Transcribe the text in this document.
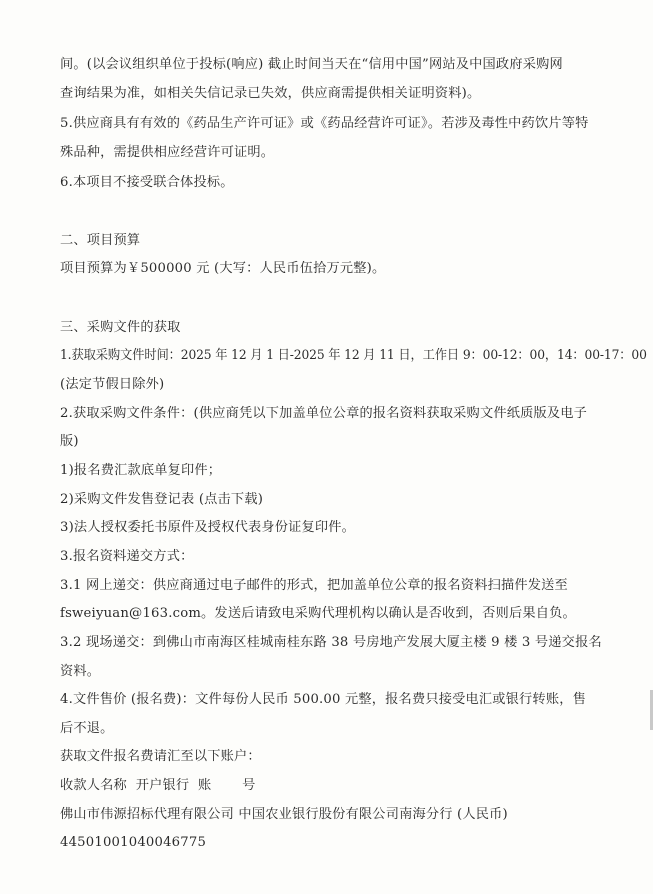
间。(以会议组织单位于投标(响应) 截止时间当天在“信用中国”网站及中国政府采购网
查询结果为准，如相关失信记录已失效，供应商需提供相关证明资料)。
5.供应商具有有效的《药品生产许可证》或《药品经营许可证》。若涉及毒性中药饮片等特
殊品种，需提供相应经营许可证明。
6.本项目不接受联合体投标。
二、项目预算
项目预算为￥500000 元 (大写：人民币伍拾万元整)。
三、采购文件的获取
1.获取采购文件时间：2025 年 12 月 1 日-2025 年 12 月 11 日，工作日 9：00-12：00，14：00-17：00
(法定节假日除外)
2.获取采购文件条件：(供应商凭以下加盖单位公章的报名资料获取采购文件纸质版及电子
版)
1)报名费汇款底单复印件；
2)采购文件发售登记表 (点击下载)
3)法人授权委托书原件及授权代表身份证复印件。
3.报名资料递交方式：
3.1 网上递交：供应商通过电子邮件的形式，把加盖单位公章的报名资料扫描件发送至
fsweiyuan@163.com。发送后请致电采购代理机构以确认是否收到，否则后果自负。
3.2 现场递交：到佛山市南海区桂城南桂东路 38 号房地产发展大厦主楼 9 楼 3 号递交报名
资料。
4.文件售价 (报名费)：文件每份人民币 500.00 元整，报名费只接受电汇或银行转账，售
后不退。
获取文件报名费请汇至以下账户：
收款人名称  开户银行  账       号
佛山市伟源招标代理有限公司 中国农业银行股份有限公司南海分行 (人民币)
44501001040046775
